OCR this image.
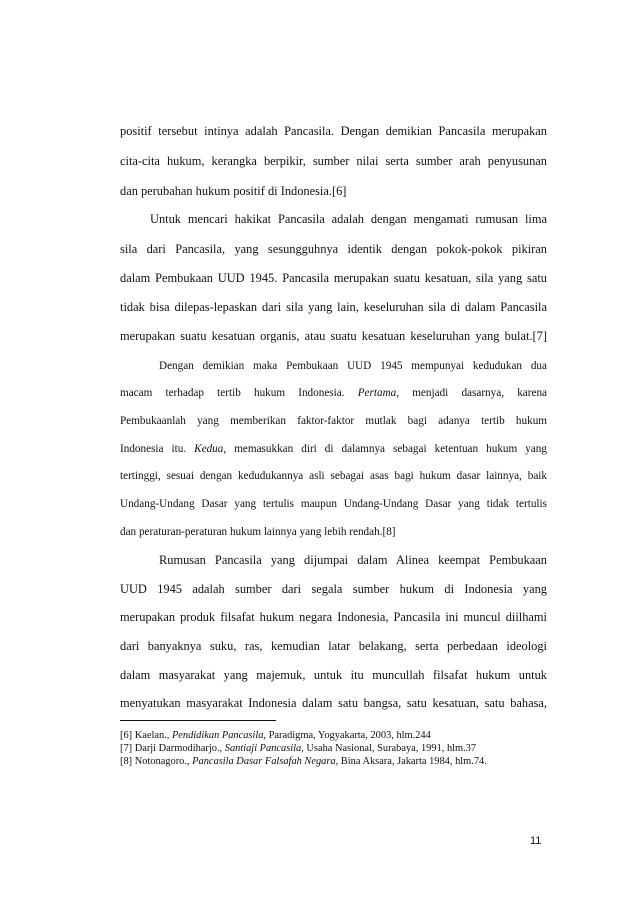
positif tersebut intinya adalah Pancasila. Dengan demikian Pancasila merupakan
cita-cita hukum, kerangka berpikir, sumber nilai serta sumber arah penyusunan
dan perubahan hukum positif di Indonesia.[6]
Untuk mencari hakikat Pancasila adalah dengan mengamati rumusan lima
sila dari Pancasila, yang sesungguhnya identik dengan pokok-pokok pikiran
dalam Pembukaan UUD 1945. Pancasila merupakan suatu kesatuan, sila yang satu
tidak bisa dilepas-lepaskan dari sila yang lain, keseluruhan sila di dalam Pancasila
merupakan suatu kesatuan organis, atau suatu kesatuan keseluruhan yang bulat.[7]
Dengan demikian maka Pembukaan UUD 1945 mempunyai kedudukan dua
macam terhadap tertib hukum Indonesia. Pertama, menjadi dasarnya, karena
Pembukaanlah yang memberikan faktor-faktor mutlak bagi adanya tertib hukum
Indonesia itu. Kedua, memasukkan diri di dalamnya sebagai ketentuan hukum yang
tertinggi, sesuai dengan kedudukannya asli sebagai asas bagi hukum dasar lainnya, baik
Undang-Undang Dasar yang tertulis maupun Undang-Undang Dasar yang tidak tertulis
dan peraturan-peraturan hukum lainnya yang lebih rendah.[8]
Rumusan Pancasila yang dijumpai dalam Alinea keempat Pembukaan
UUD 1945 adalah sumber dari segala sumber hukum di Indonesia yang
merupakan produk filsafat hukum negara Indonesia, Pancasila ini muncul diilhami
dari banyaknya suku, ras, kemudian latar belakang, serta perbedaan ideologi
dalam masyarakat yang majemuk, untuk itu muncullah filsafat hukum untuk
menyatukan masyarakat Indonesia dalam satu bangsa, satu kesatuan, satu bahasa,
[6] Kaelan., Pendidikan Pancasila, Paradigma, Yogyakarta, 2003, hlm.244
[7] Darji Darmodiharjo., Santiaji Pancasila, Usaha Nasional, Surabaya, 1991, hlm.37
[8] Notonagoro., Pancasila Dasar Falsafah Negara, Bina Aksara, Jakarta 1984, hlm.74.
11
